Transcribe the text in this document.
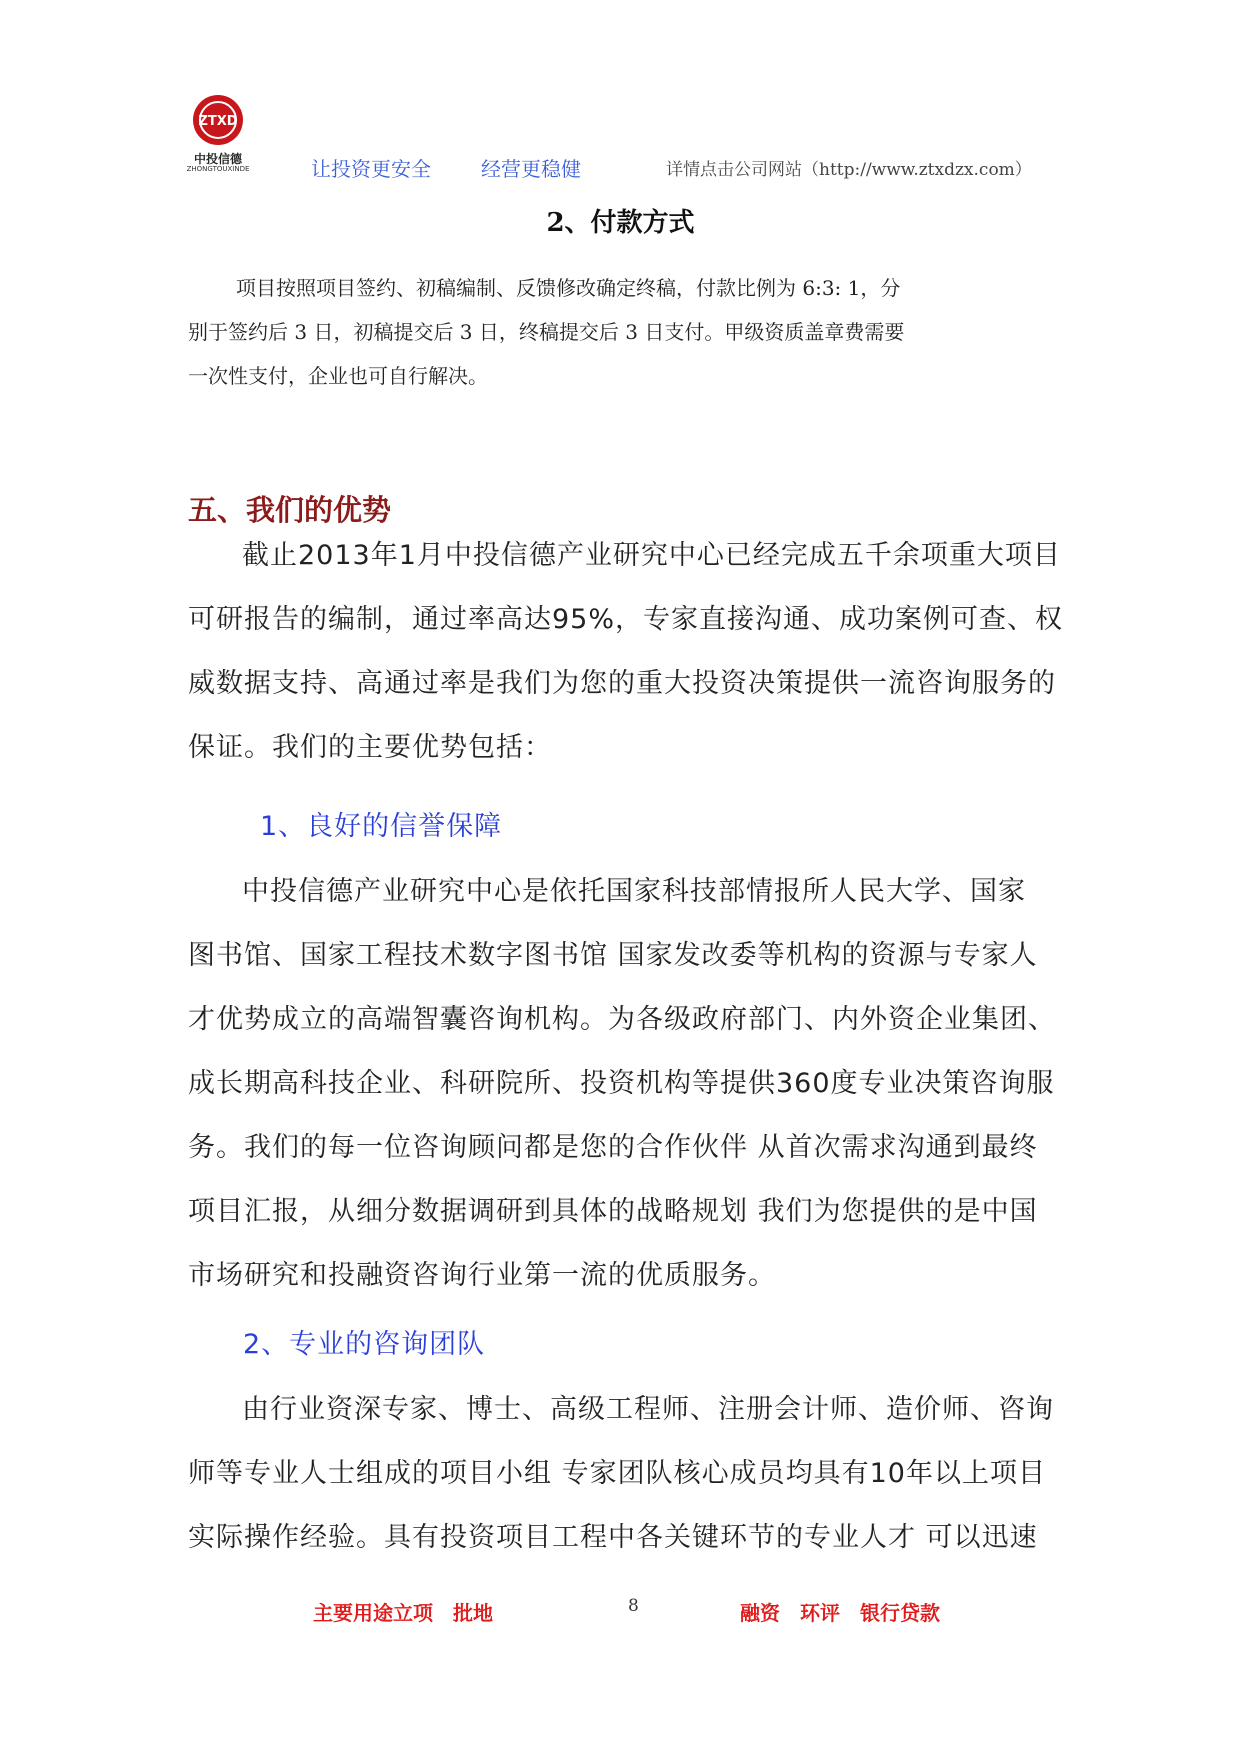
ZTXD
中投信德
ZHONGTOUXINDE	让投资更安全	经营更稳健	详情点击公司网站（http://www.ztxdzx.com）
2、付款方式
项目按照项目签约、初稿编制、反馈修改确定终稿，付款比例为 6:3: 1，分
别于签约后 3 日，初稿提交后 3 日，终稿提交后 3 日支付。甲级资质盖章费需要
一次性支付，企业也可自行解决。
五、我们的优势
截止2013年1月中投信德产业研究中心已经完成五千余项重大项目
可研报告的编制，通过率高达95%，专家直接沟通、成功案例可查、权
威数据支持、高通过率是我们为您的重大投资决策提供一流咨询服务的
保证。我们的主要优势包括：
1、良好的信誉保障
中投信德产业研究中心是依托国家科技部情报所人民大学、国家
图书馆、国家工程技术数字图书馆 国家发改委等机构的资源与专家人
才优势成立的高端智囊咨询机构。为各级政府部门、内外资企业集团、
成长期高科技企业、科研院所、投资机构等提供360度专业决策咨询服
务。我们的每一位咨询顾问都是您的合作伙伴 从首次需求沟通到最终
项目汇报，从细分数据调研到具体的战略规划 我们为您提供的是中国
市场研究和投融资咨询行业第一流的优质服务。
2、专业的咨询团队
由行业资深专家、博士、高级工程师、注册会计师、造价师、咨询
师等专业人士组成的项目小组 专家团队核心成员均具有10年以上项目
实际操作经验。具有投资项目工程中各关键环节的专业人才 可以迅速
主要用途立项　批地	8	融资　环评　银行贷款
